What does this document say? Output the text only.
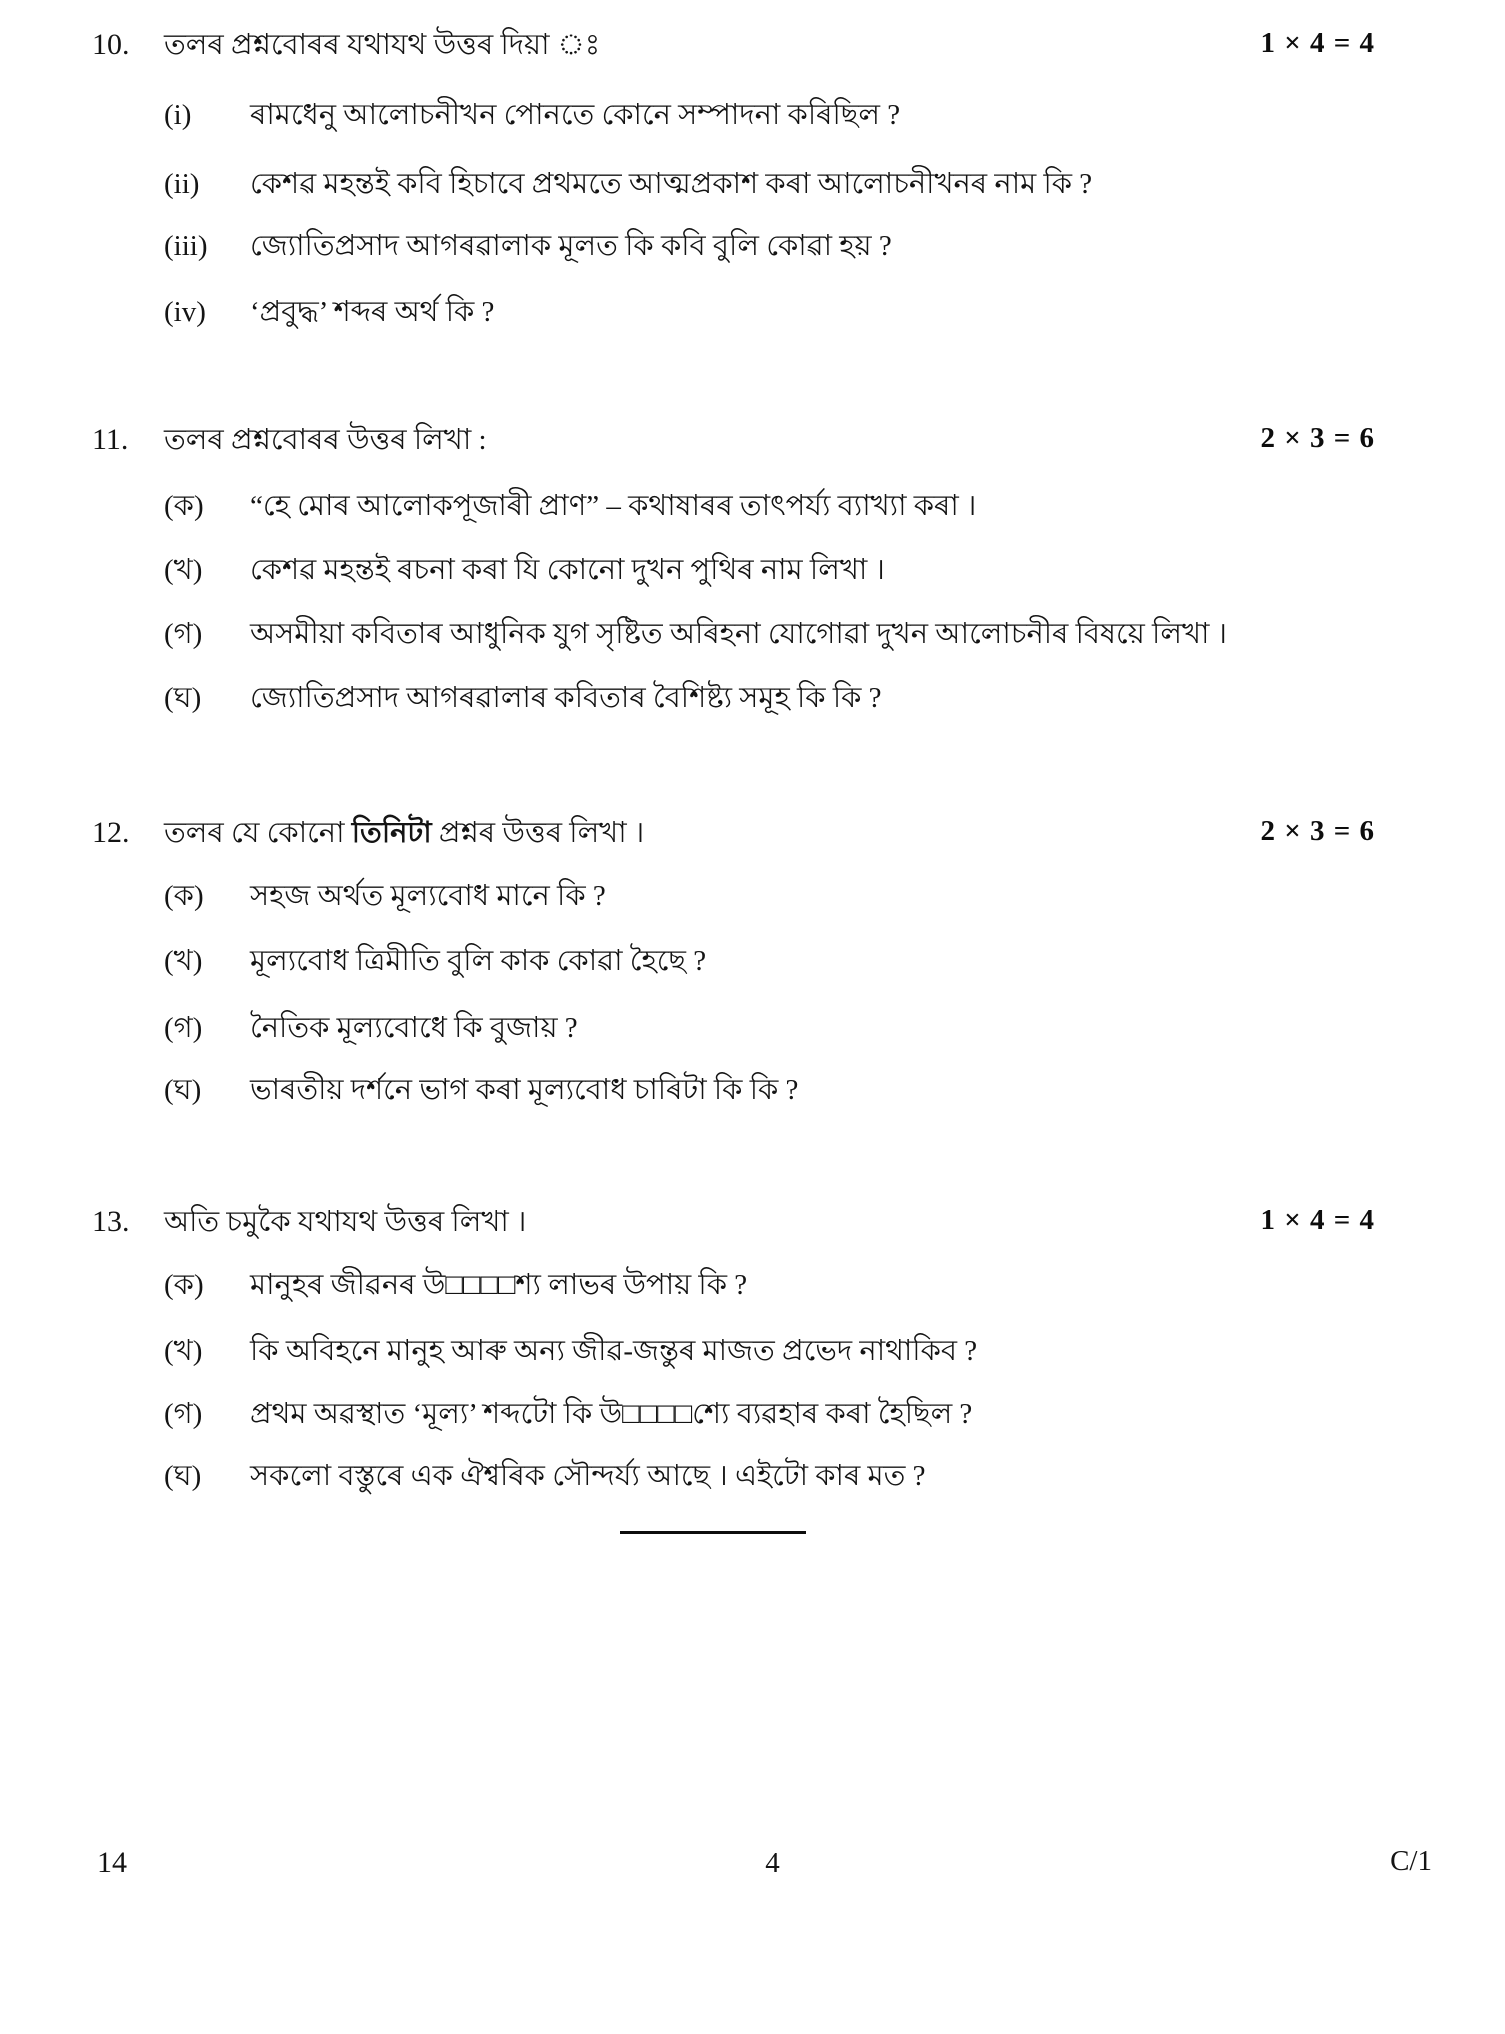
10.	তলৰ প্ৰশ্নবোৰৰ যথাযথ উত্তৰ দিয়া ঃ	1 × 4 = 4
(i)	ৰামধেনু আলোচনীখন পোনতে কোনে সম্পাদনা কৰিছিল ?
(ii)	কেশৱ মহন্তই কবি হিচাবে প্ৰথমতে আত্মপ্ৰকাশ কৰা আলোচনীখনৰ নাম কি ?
(iii)	জ্যোতিপ্ৰসাদ আগৰৱালাক মূলত কি কবি বুলি কোৱা হয় ?
(iv)	‘প্ৰবুদ্ধ’ শব্দৰ অৰ্থ কি ?
11.	তলৰ প্ৰশ্নবোৰৰ উত্তৰ লিখা :	2 × 3 = 6
(ক)	“হে মোৰ আলোকপূজাৰী প্ৰাণ” – কথাষাৰৰ তাৎপৰ্য্য ব্যাখ্যা কৰা ।
(খ)	কেশৱ মহন্তই ৰচনা কৰা যি কোনো দুখন পুথিৰ নাম লিখা ।
(গ)	অসমীয়া কবিতাৰ আধুনিক যুগ সৃষ্টিত অৰিহনা যোগোৱা দুখন আলোচনীৰ বিষয়ে লিখা ।
(ঘ)	জ্যোতিপ্ৰসাদ আগৰৱালাৰ কবিতাৰ বৈশিষ্ট্য সমূহ কি কি ?
12.	তলৰ যে কোনো তিনিটা প্ৰশ্নৰ উত্তৰ লিখা ।	2 × 3 = 6
(ক)	সহজ অৰ্থত মূল্যবোধ মানে কি ?
(খ)	মূল্যবোধ ত্ৰিমীতি বুলি কাক কোৱা হৈছে ?
(গ)	নৈতিক মূল্যবোধে কি বুজায় ?
(ঘ)	ভাৰতীয় দৰ্শনে ভাগ কৰা মূল্যবোধ চাৰিটা কি কি ?
13.	অতি চমুকৈ যথাযথ উত্তৰ লিখা ।	1 × 4 = 4
(ক)	মানুহৰ জীৱনৰ উ□□□□শ্য লাভৰ উপায় কি ?
(খ)	কি অবিহনে মানুহ আৰু অন্য জীৱ-জন্তুৰ মাজত প্ৰভেদ নাথাকিব ?
(গ)	প্ৰথম অৱস্থাত ‘মূল্য’ শব্দটো কি উ□□□□শ্যে ব্যৱহাৰ কৰা হৈছিল ?
(ঘ)	সকলো বস্তুৰে এক ঐশ্বৰিক সৌন্দৰ্য্য আছে । এইটো কাৰ মত ?
14	4	C/1
